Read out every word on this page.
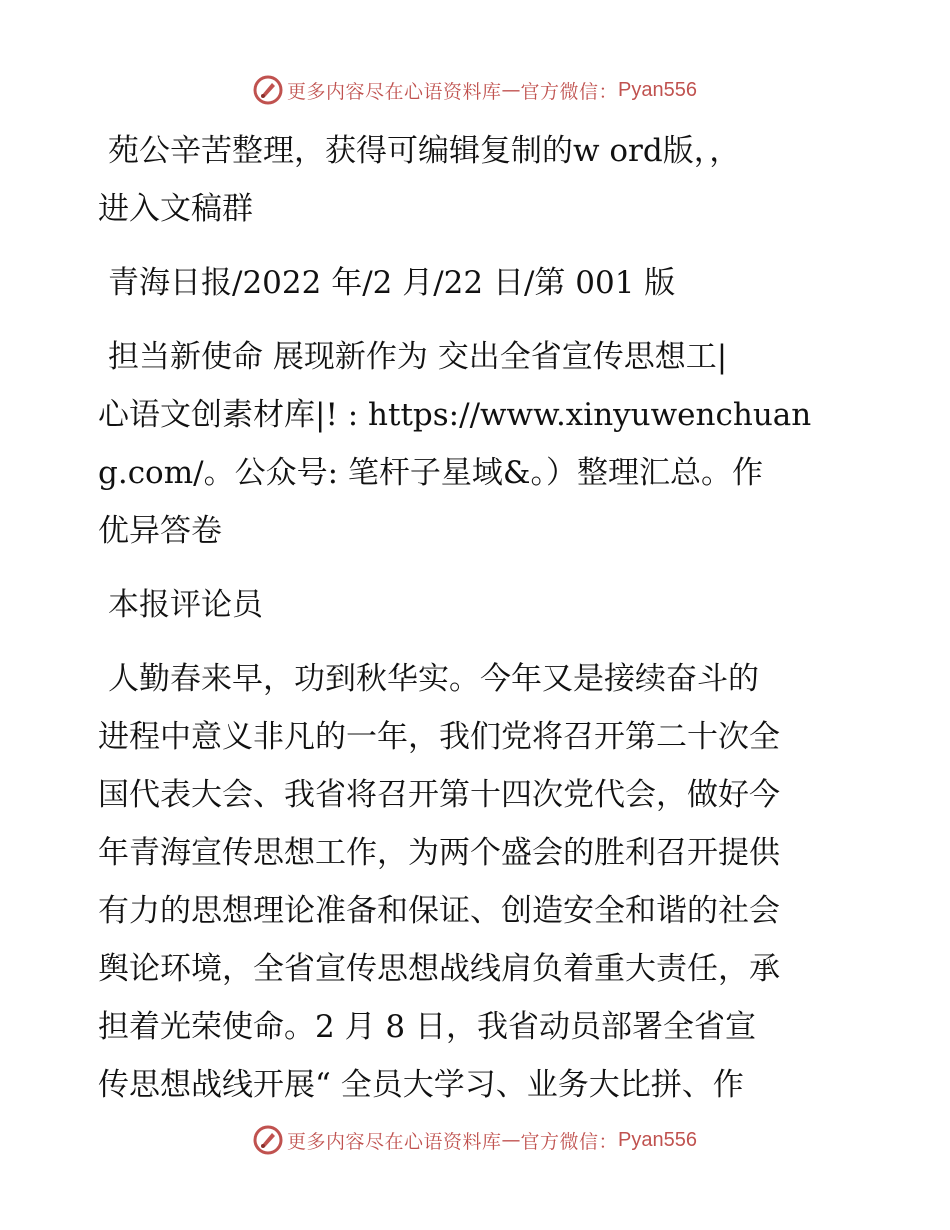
更多内容尽在心语资料库 — 官方微信： Pyan556

苑公辛苦整理，获得可编辑复制的w ord版，，
进入文稿群

青海日报/2022 年/2 月/22 日/第 001 版

担当新使命 展现新作为 交出全省宣传思想工|
心语文创素材库|! : https://www.xinyuwenchuan
g.com/。公众号: 笔杆子星域&。）整理汇总。作
优异答卷

本报评论员

人勤春来早，功到秋华实。今年又是接续奋斗的
进程中意义非凡的一年，我们党将召开第二十次全
国代表大会、我省将召开第十四次党代会，做好今
年青海宣传思想工作，为两个盛会的胜利召开提供
有力的思想理论准备和保证、创造安全和谐的社会
舆论环境，全省宣传思想战线肩负着重大责任，承
担着光荣使命。2 月 8 日，我省动员部署全省宣
传思想战线开展“ 全员大学习、业务大比拼、作

更多内容尽在心语资料库 — 官方微信： Pyan556
